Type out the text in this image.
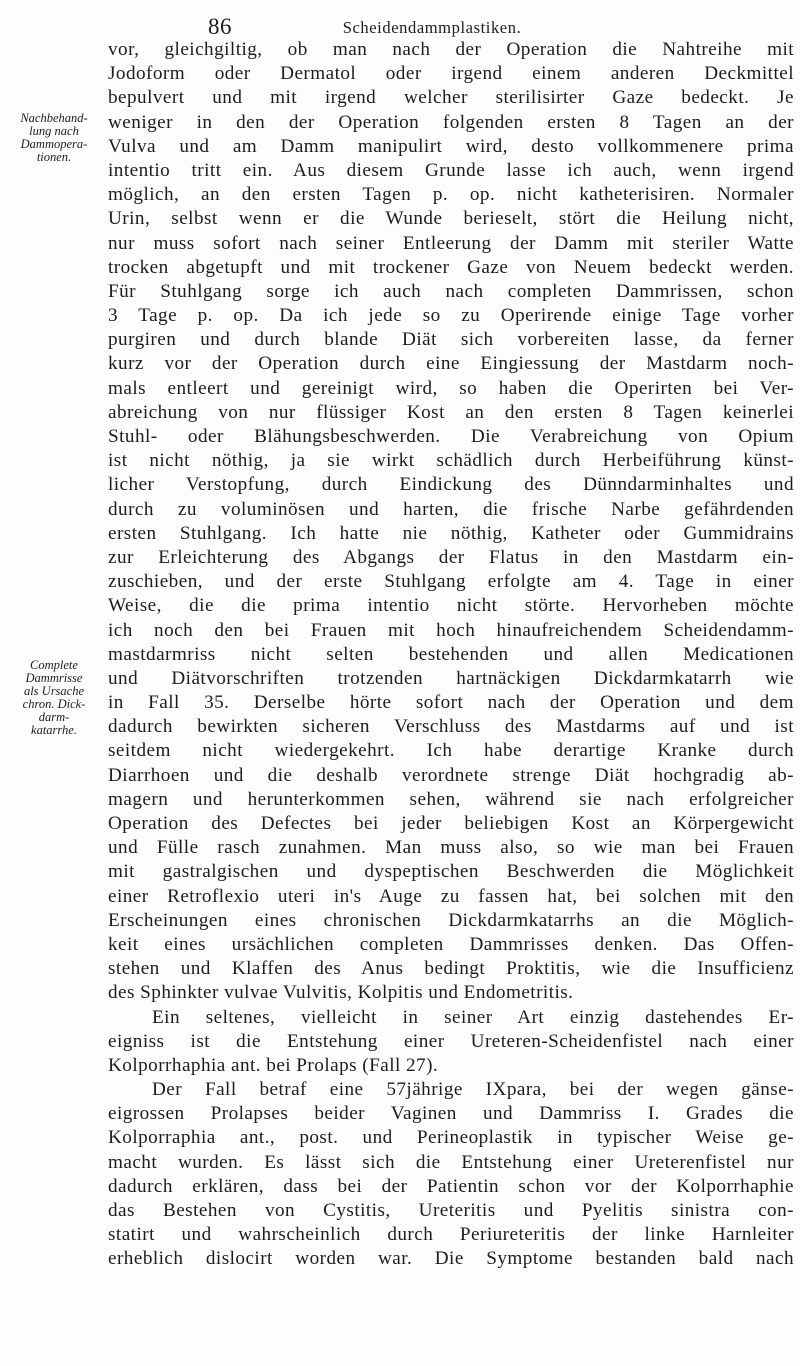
86	Scheidendammplastiken.
Nachbehand-
lung nach
Dammopera-
tionen.
Complete
Dammrisse
als Ursache
chron. Dick-
darm-
katarrhe.
vor, gleichgiltig, ob man nach der Operation die Nahtreihe mit
Jodoform oder Dermatol oder irgend einem anderen Deckmittel
bepulvert und mit irgend welcher sterilisirter Gaze bedeckt. Je
weniger in den der Operation folgenden ersten 8 Tagen an der
Vulva und am Damm manipulirt wird, desto vollkommenere prima
intentio tritt ein. Aus diesem Grunde lasse ich auch, wenn irgend
möglich, an den ersten Tagen p. op. nicht katheterisiren. Normaler
Urin, selbst wenn er die Wunde berieselt, stört die Heilung nicht,
nur muss sofort nach seiner Entleerung der Damm mit steriler Watte
trocken abgetupft und mit trockener Gaze von Neuem bedeckt werden.
Für Stuhlgang sorge ich auch nach completen Dammrissen, schon
3 Tage p. op. Da ich jede so zu Operirende einige Tage vorher
purgiren und durch blande Diät sich vorbereiten lasse, da ferner
kurz vor der Operation durch eine Eingiessung der Mastdarm noch-
mals entleert und gereinigt wird, so haben die Operirten bei Ver-
abreichung von nur flüssiger Kost an den ersten 8 Tagen keinerlei
Stuhl- oder Blähungsbeschwerden. Die Verabreichung von Opium
ist nicht nöthig, ja sie wirkt schädlich durch Herbeiführung künst-
licher Verstopfung, durch Eindickung des Dünndarminhaltes und
durch zu voluminösen und harten, die frische Narbe gefährdenden
ersten Stuhlgang. Ich hatte nie nöthig, Katheter oder Gummidrains
zur Erleichterung des Abgangs der Flatus in den Mastdarm ein-
zuschieben, und der erste Stuhlgang erfolgte am 4. Tage in einer
Weise, die die prima intentio nicht störte. Hervorheben möchte
ich noch den bei Frauen mit hoch hinaufreichendem Scheidendamm-
mastdarmriss nicht selten bestehenden und allen Medicationen
und Diätvorschriften trotzenden hartnäckigen Dickdarmkatarrh wie
in Fall 35. Derselbe hörte sofort nach der Operation und dem
dadurch bewirkten sicheren Verschluss des Mastdarms auf und ist
seitdem nicht wiedergekehrt. Ich habe derartige Kranke durch
Diarrhoen und die deshalb verordnete strenge Diät hochgradig ab-
magern und herunterkommen sehen, während sie nach erfolgreicher
Operation des Defectes bei jeder beliebigen Kost an Körpergewicht
und Fülle rasch zunahmen. Man muss also, so wie man bei Frauen
mit gastralgischen und dyspeptischen Beschwerden die Möglichkeit
einer Retroflexio uteri in's Auge zu fassen hat, bei solchen mit den
Erscheinungen eines chronischen Dickdarmkatarrhs an die Möglich-
keit eines ursächlichen completen Dammrisses denken. Das Offen-
stehen und Klaffen des Anus bedingt Proktitis, wie die Insufficienz
des Sphinkter vulvae Vulvitis, Kolpitis und Endometritis.
Ein seltenes, vielleicht in seiner Art einzig dastehendes Er-
eigniss ist die Entstehung einer Ureteren-Scheidenfistel nach einer
Kolporrhaphia ant. bei Prolaps (Fall 27).
Der Fall betraf eine 57jährige IXpara, bei der wegen gänse-
eigrossen Prolapses beider Vaginen und Dammriss I. Grades die
Kolporraphia ant., post. und Perineoplastik in typischer Weise ge-
macht wurden. Es lässt sich die Entstehung einer Ureterenfistel nur
dadurch erklären, dass bei der Patientin schon vor der Kolporrhaphie
das Bestehen von Cystitis, Ureteritis und Pyelitis sinistra con-
statirt und wahrscheinlich durch Periureteritis der linke Harnleiter
erheblich dislocirt worden war. Die Symptome bestanden bald nach
